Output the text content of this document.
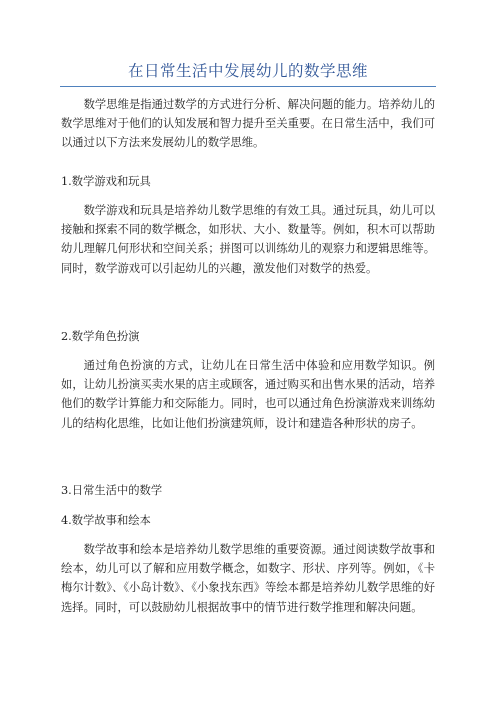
在日常生活中发展幼儿的数学思维

数学思维是指通过数学的方式进行分析、解决问题的能力。培养幼儿的数学思维对于他们的认知发展和智力提升至关重要。在日常生活中，我们可以通过以下方法来发展幼儿的数学思维。

1.数学游戏和玩具

数学游戏和玩具是培养幼儿数学思维的有效工具。通过玩具，幼儿可以接触和探索不同的数学概念，如形状、大小、数量等。例如，积木可以帮助幼儿理解几何形状和空间关系；拼图可以训练幼儿的观察力和逻辑思维等。同时，数学游戏可以引起幼儿的兴趣，激发他们对数学的热爱。

2.数学角色扮演

通过角色扮演的方式，让幼儿在日常生活中体验和应用数学知识。例如，让幼儿扮演买卖水果的店主或顾客，通过购买和出售水果的活动，培养他们的数学计算能力和交际能力。同时，也可以通过角色扮演游戏来训练幼儿的结构化思维，比如让他们扮演建筑师，设计和建造各种形状的房子。

3.日常生活中的数学

4.数学故事和绘本

数学故事和绘本是培养幼儿数学思维的重要资源。通过阅读数学故事和绘本，幼儿可以了解和应用数学概念，如数字、形状、序列等。例如，《卡梅尔计数》、《小岛计数》、《小象找东西》等绘本都是培养幼儿数学思维的好选择。同时，可以鼓励幼儿根据故事中的情节进行数学推理和解决问题。
